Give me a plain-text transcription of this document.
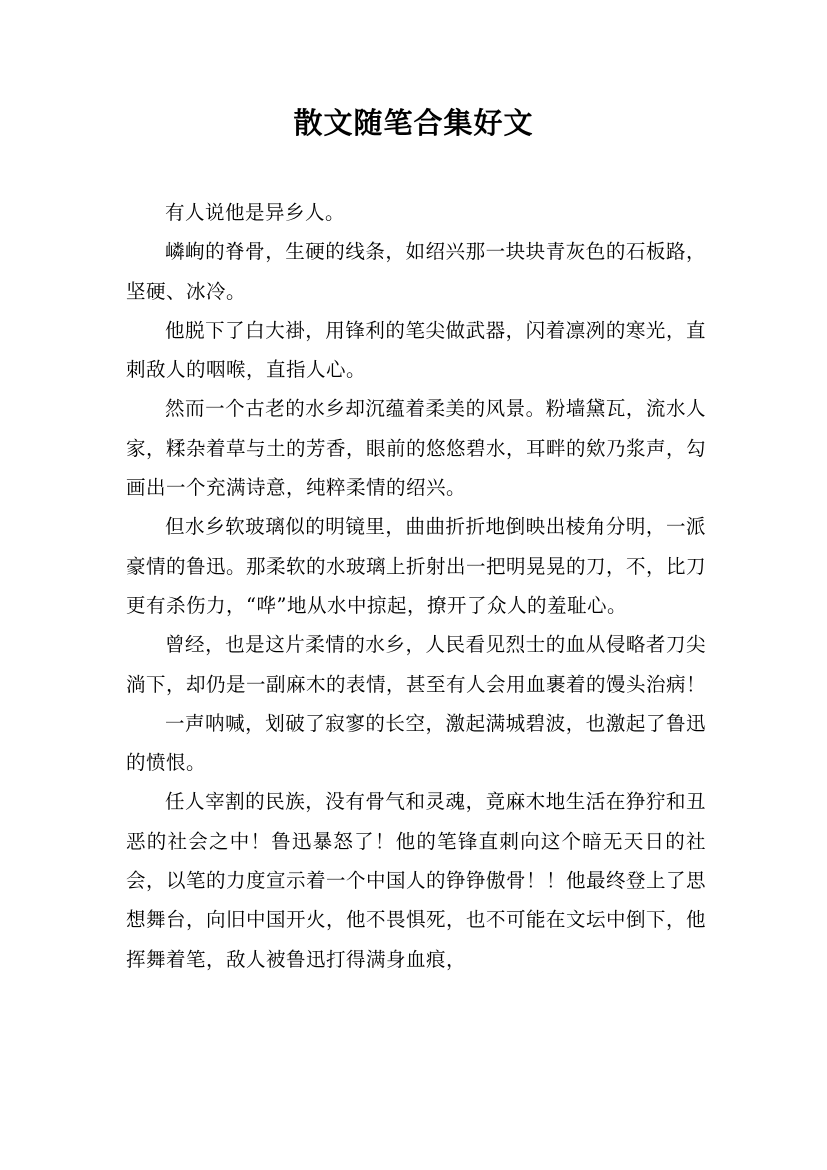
散文随笔合集好文

有人说他是异乡人。

嶙峋的脊骨，生硬的线条，如绍兴那一块块青灰色的石板路，坚硬、冰冷。

他脱下了白大褂，用锋利的笔尖做武器，闪着凛冽的寒光，直刺敌人的咽喉，直指人心。

然而一个古老的水乡却沉蕴着柔美的风景。粉墙黛瓦，流水人家，糅杂着草与土的芳香，眼前的悠悠碧水，耳畔的欸乃浆声，勾画出一个充满诗意，纯粹柔情的绍兴。

但水乡软玻璃似的明镜里，曲曲折折地倒映出棱角分明，一派豪情的鲁迅。那柔软的水玻璃上折射出一把明晃晃的刀，不，比刀更有杀伤力，“哗”地从水中掠起，撩开了众人的羞耻心。

曾经，也是这片柔情的水乡，人民看见烈士的血从侵略者刀尖淌下，却仍是一副麻木的表情，甚至有人会用血裹着的馒头治病！

一声呐喊，划破了寂寥的长空，激起满城碧波，也激起了鲁迅的愤恨。

任人宰割的民族，没有骨气和灵魂，竟麻木地生活在狰狞和丑恶的社会之中！鲁迅暴怒了！他的笔锋直刺向这个暗无天日的社会，以笔的力度宣示着一个中国人的铮铮傲骨！！他最终登上了思想舞台，向旧中国开火，他不畏惧死，也不可能在文坛中倒下，他挥舞着笔，敌人被鲁迅打得满身血痕，
